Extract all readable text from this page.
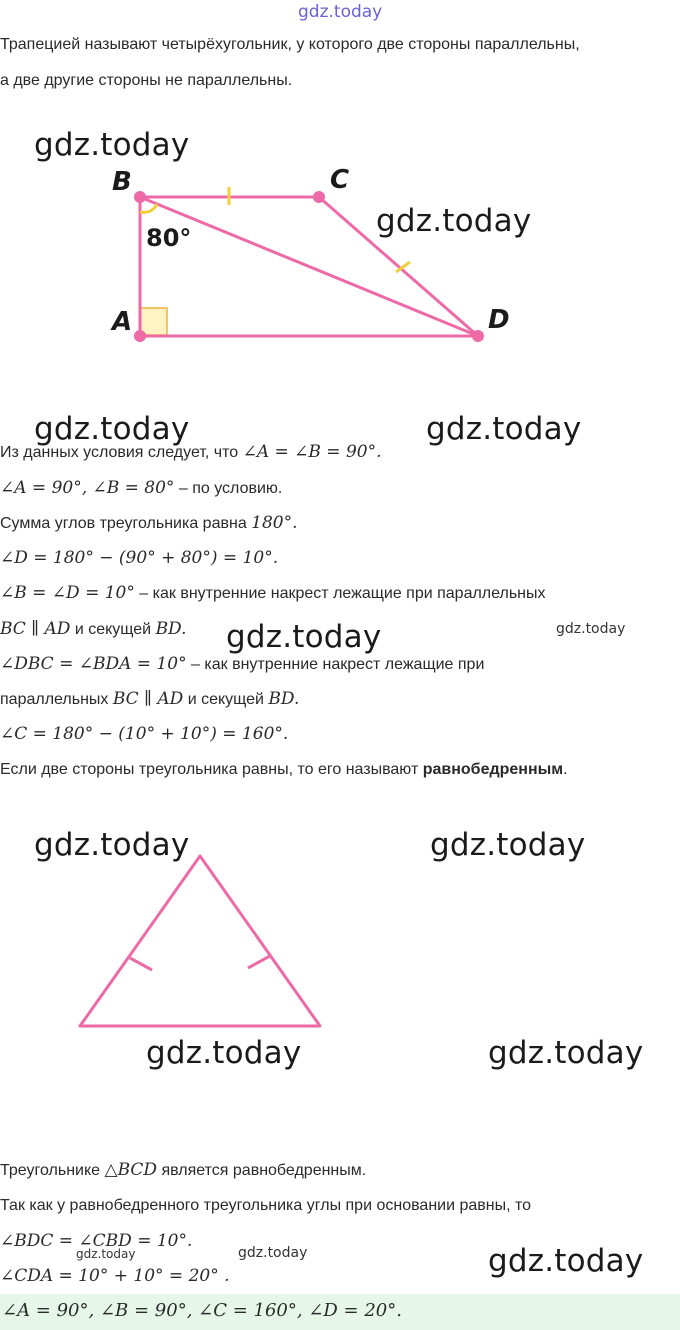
gdz.today
gdz.today
gdz.today
gdz.today	gdz.today
gdz.today	gdz.today
gdz.today	gdz.today
gdz.today	gdz.today
gdz.today	gdz.today	gdz.today
Трапецией называют четырёхугольник, у которого две стороны параллельны,
а две другие стороны не параллельны.
B	C
A	D
80°
Из данных условия следует, что ∠A = ∠B = 90°.
∠A = 90°, ∠B = 80° – по условию.
Сумма углов треугольника равна 180°.
∠D = 180° − (90° + 80°) = 10°.
∠B = ∠D = 10° – как внутренние накрест лежащие при параллельных
BC ∥ AD и секущей BD.
∠DBC = ∠BDA = 10° – как внутренние накрест лежащие при
параллельных BC ∥ AD и секущей BD.
∠C = 180° − (10° + 10°) = 160°.
Если две стороны треугольника равны, то его называют равнобедренным.
Треугольнике △BCD является равнобедренным.
Так как у равнобедренного треугольника углы при основании равны, то
∠BDC = ∠CBD = 10°.
∠CDA = 10° + 10° = 20° .
∠A = 90°, ∠B = 90°, ∠C = 160°, ∠D = 20°.
